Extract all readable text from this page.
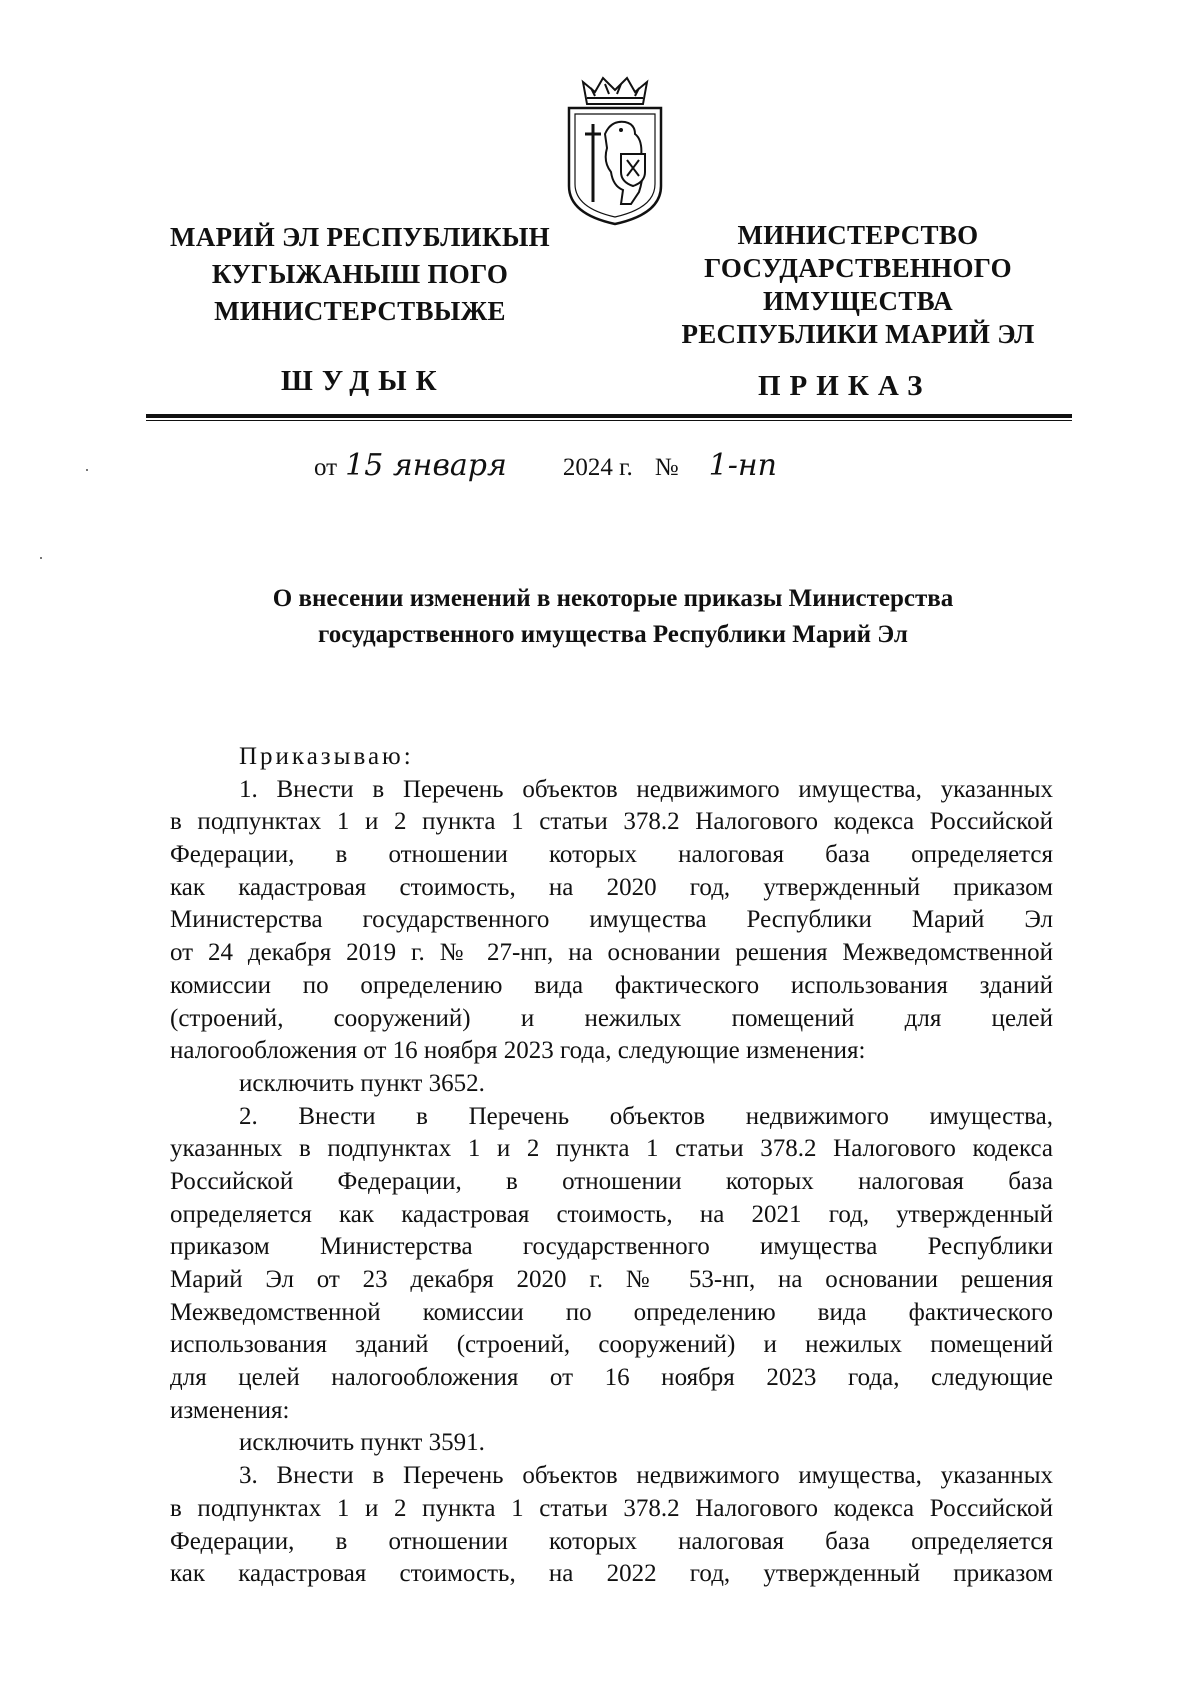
МАРИЙ ЭЛ РЕСПУБЛИКЫН
КУГЫЖАНЫШ ПОГО
МИНИСТЕРСТВЫЖЕ
ШУДЫК
МИНИСТЕРСТВО
ГОСУДАРСТВЕННОГО
ИМУЩЕСТВА
РЕСПУБЛИКИ МАРИЙ ЭЛ
ПРИКАЗ
от 15 января 2024 г. № 1-нп
О внесении изменений в некоторые приказы Министерства
государственного имущества Республики Марий Эл
Приказываю:
1. Внести в Перечень объектов недвижимого имущества, указанных
в подпунктах 1 и 2 пункта 1 статьи 378.2 Налогового кодекса Российской
Федерации, в отношении которых налоговая база определяется
как кадастровая стоимость, на 2020 год, утвержденный приказом
Министерства государственного имущества Республики Марий Эл
от 24 декабря 2019 г. № 27-нп, на основании решения Межведомственной
комиссии по определению вида фактического использования зданий
(строений, сооружений) и нежилых помещений для целей
налогообложения от 16 ноября 2023 года, следующие изменения:
исключить пункт 3652.
2. Внести в Перечень объектов недвижимого имущества,
указанных в подпунктах 1 и 2 пункта 1 статьи 378.2 Налогового кодекса
Российской Федерации, в отношении которых налоговая база
определяется как кадастровая стоимость, на 2021 год, утвержденный
приказом Министерства государственного имущества Республики
Марий Эл от 23 декабря 2020 г. № 53-нп, на основании решения
Межведомственной комиссии по определению вида фактического
использования зданий (строений, сооружений) и нежилых помещений
для целей налогообложения от 16 ноября 2023 года, следующие
изменения:
исключить пункт 3591.
3. Внести в Перечень объектов недвижимого имущества, указанных
в подпунктах 1 и 2 пункта 1 статьи 378.2 Налогового кодекса Российской
Федерации, в отношении которых налоговая база определяется
как кадастровая стоимость, на 2022 год, утвержденный приказом
